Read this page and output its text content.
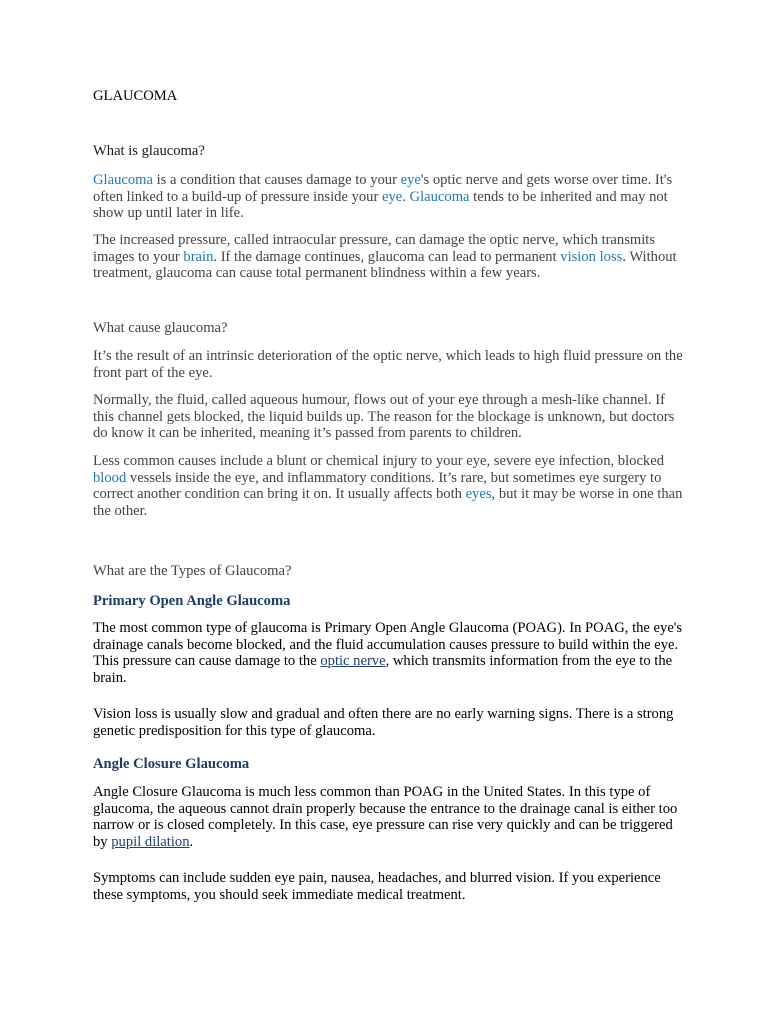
GLAUCOMA
What is glaucoma?
Glaucoma is a condition that causes damage to your eye's optic nerve and gets worse over time. It's often linked to a build-up of pressure inside your eye. Glaucoma tends to be inherited and may not show up until later in life.
The increased pressure, called intraocular pressure, can damage the optic nerve, which transmits images to your brain. If the damage continues, glaucoma can lead to permanent vision loss. Without treatment, glaucoma can cause total permanent blindness within a few years.
What cause glaucoma?
It’s the result of an intrinsic deterioration of the optic nerve, which leads to high fluid pressure on the front part of the eye.
Normally, the fluid, called aqueous humour, flows out of your eye through a mesh-like channel. If this channel gets blocked, the liquid builds up. The reason for the blockage is unknown, but doctors do know it can be inherited, meaning it’s passed from parents to children.
Less common causes include a blunt or chemical injury to your eye, severe eye infection, blocked blood vessels inside the eye, and inflammatory conditions. It’s rare, but sometimes eye surgery to correct another condition can bring it on. It usually affects both eyes, but it may be worse in one than the other.
What are the Types of Glaucoma?
Primary Open Angle Glaucoma
The most common type of glaucoma is Primary Open Angle Glaucoma (POAG). In POAG, the eye's drainage canals become blocked, and the fluid accumulation causes pressure to build within the eye. This pressure can cause damage to the optic nerve, which transmits information from the eye to the brain.
Vision loss is usually slow and gradual and often there are no early warning signs. There is a strong genetic predisposition for this type of glaucoma.
Angle Closure Glaucoma
Angle Closure Glaucoma is much less common than POAG in the United States. In this type of glaucoma, the aqueous cannot drain properly because the entrance to the drainage canal is either too narrow or is closed completely. In this case, eye pressure can rise very quickly and can be triggered by pupil dilation.
Symptoms can include sudden eye pain, nausea, headaches, and blurred vision. If you experience these symptoms, you should seek immediate medical treatment.
